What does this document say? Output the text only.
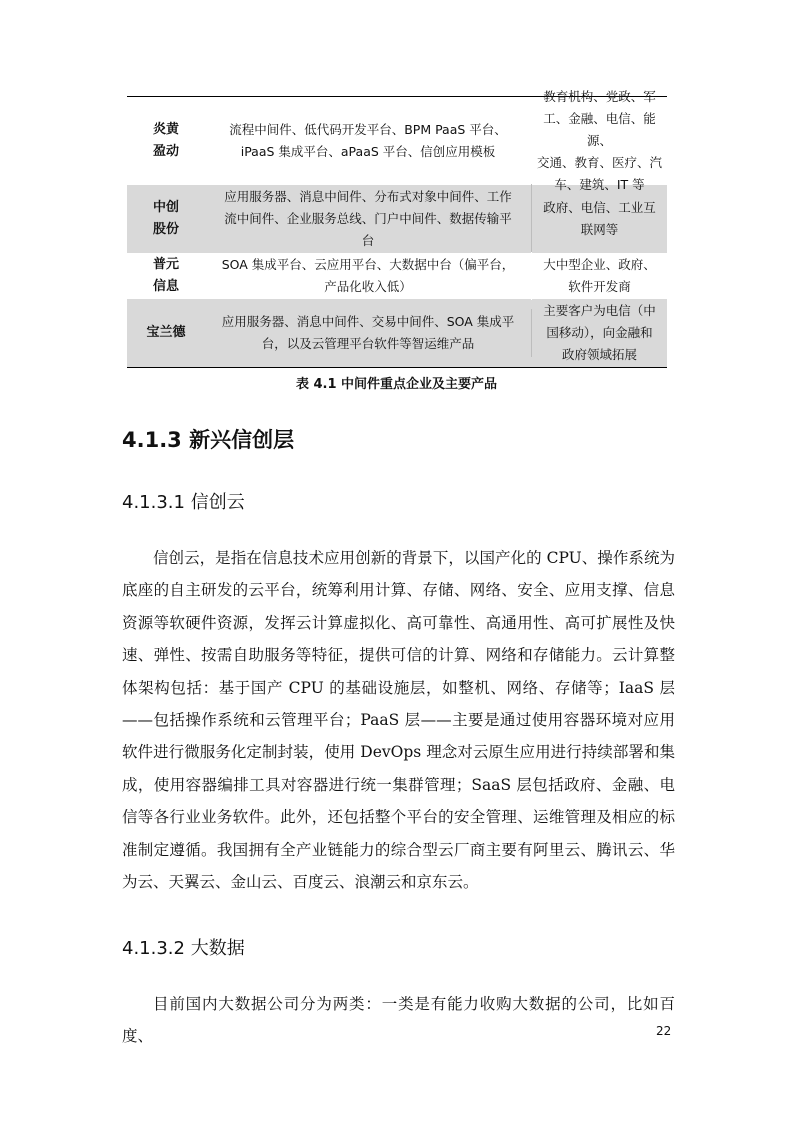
炎黄
盈动
流程中间件、低代码开发平台、BPM PaaS 平台、
iPaaS 集成平台、aPaaS 平台、信创应用模板
教育机构、党政、军
工、金融、电信、能源、
交通、教育、医疗、汽
车、建筑、IT 等
中创
股份
应用服务器、消息中间件、分布式对象中间件、工作
流中间件、企业服务总线、门户中间件、数据传输平
台
政府、电信、工业互
联网等
普元
信息
SOA 集成平台、云应用平台、大数据中台（偏平台，
产品化收入低）
大中型企业、政府、
软件开发商
宝兰德
应用服务器、消息中间件、交易中间件、SOA 集成平
台，以及云管理平台软件等智运维产品
主要客户为电信（中
国移动），向金融和
政府领域拓展
表 4.1 中间件重点企业及主要产品
4.1.3 新兴信创层
4.1.3.1 信创云

信创云，是指在信息技术应用创新的背景下，以国产化的 CPU、操作系统为底座的自主研发的云平台，统筹利用计算、存储、网络、安全、应用支撑、信息资源等软硬件资源，发挥云计算虚拟化、高可靠性、高通用性、高可扩展性及快速、弹性、按需自助服务等特征，提供可信的计算、网络和存储能力。云计算整体架构包括：基于国产 CPU 的基础设施层，如整机、网络、存储等；IaaS 层——包括操作系统和云管理平台；PaaS 层——主要是通过使用容器环境对应用软件进行微服务化定制封装，使用 DevOps 理念对云原生应用进行持续部署和集成，使用容器编排工具对容器进行统一集群管理；SaaS 层包括政府、金融、电信等各行业业务软件。此外，还包括整个平台的安全管理、运维管理及相应的标准制定遵循。我国拥有全产业链能力的综合型云厂商主要有阿里云、腾讯云、华为云、天翼云、金山云、百度云、浪潮云和京东云。

4.1.3.2 大数据

目前国内大数据公司分为两类：一类是有能力收购大数据的公司，比如百度、	22
